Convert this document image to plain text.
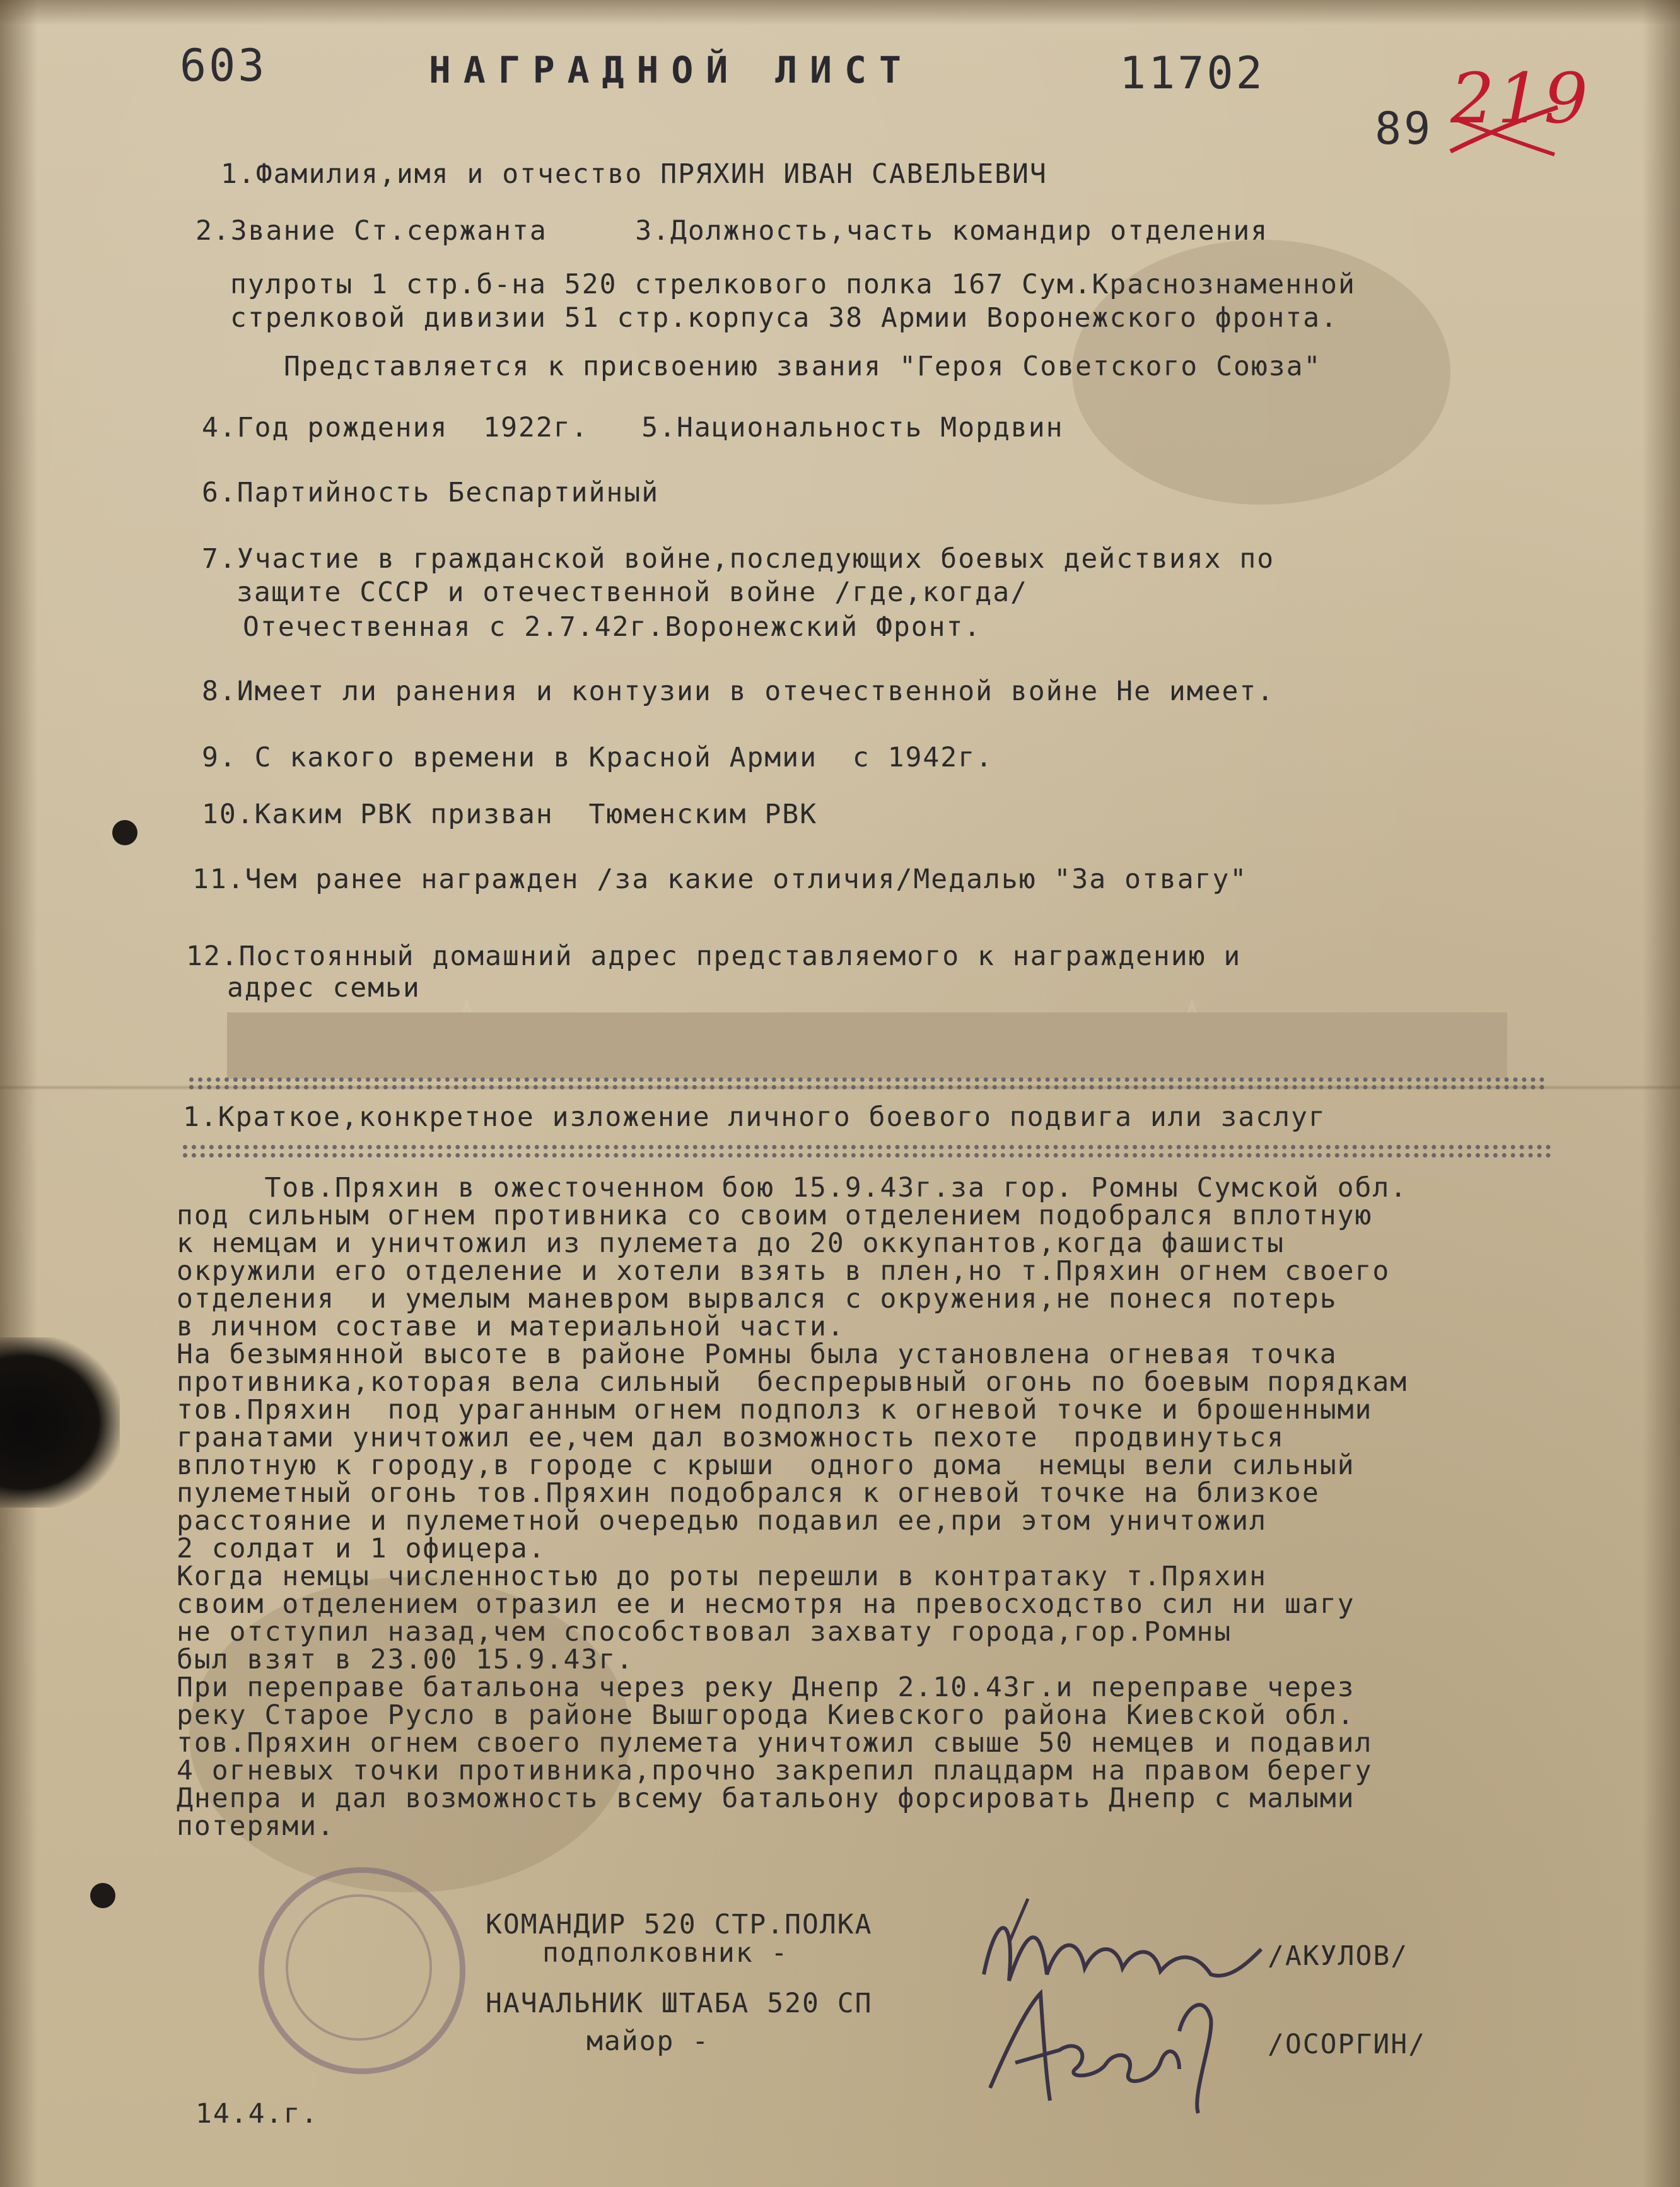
603	НАГРАДНОЙ ЛИСТ	11702
89 219
1.Фамилия,имя и отчество ПРЯХИН ИВАН САВЕЛЬЕВИЧ
2.Звание Ст.сержанта     3.Должность,часть командир отделения
пулроты 1 стр.б-на 520 стрелкового полка 167 Сум.Краснознаменной
стрелковой дивизии 51 стр.корпуса 38 Армии Воронежского фронта.
Представляется к присвоению звания "Героя Советского Союза"
4.Год рождения  1922г.   5.Национальность Мордвин
6.Партийность Беспартийный
7.Участие в гражданской войне,последующих боевых действиях по
защите СССР и отечественной войне /где,когда/
Отечественная с 2.7.42г.Воронежский Фронт.
8.Имеет ли ранения и контузии в отечественной войне Не имеет.
9. С какого времени в Красной Армии  с 1942г.
10.Каким РВК призван  Тюменским РВК
11.Чем ранее награжден /за какие отличия/Медалью "За отвагу"
12.Постоянный домашний адрес представляемого к награждению и
адрес семьи
1.Краткое,конкретное изложение личного боевого подвига или заслуг
Тов.Пряхин в ожесточенном бою 15.9.43г.за гор. Ромны Сумской обл.
под сильным огнем противника со своим отделением подобрался вплотную
к немцам и уничтожил из пулемета до 20 оккупантов,когда фашисты
окружили его отделение и хотели взять в плен,но т.Пряхин огнем своего
отделения  и умелым маневром вырвался с окружения,не понеся потерь
в личном составе и материальной части.
На безымянной высоте в районе Ромны была установлена огневая точка
противника,которая вела сильный  беспрерывный огонь по боевым порядкам
тов.Пряхин  под ураганным огнем подполз к огневой точке и брошенными
гранатами уничтожил ее,чем дал возможность пехоте  продвинуться
вплотную к городу,в городе с крыши  одного дома  немцы вели сильный
пулеметный огонь тов.Пряхин подобрался к огневой точке на близкое
расстояние и пулеметной очередью подавил ее,при этом уничтожил
2 солдат и 1 офицера.
Когда немцы численностью до роты перешли в контратаку т.Пряхин
своим отделением отразил ее и несмотря на превосходство сил ни шагу
не отступил назад,чем способствовал захвату города,гор.Ромны
был взят в 23.00 15.9.43г.
При переправе батальона через реку Днепр 2.10.43г.и переправе через
реку Старое Русло в районе Вышгорода Киевского района Киевской обл.
тов.Пряхин огнем своего пулемета уничтожил свыше 50 немцев и подавил
4 огневых точки противника,прочно закрепил плацдарм на правом берегу
Днепра и дал возможность всему батальону форсировать Днепр с малыми
потерями.
КОМАНДИР 520 СТР.ПОЛКА
подполковник -	/АКУЛОВ/
НАЧАЛЬНИК ШТАБА 520 СП
майор -	/ОСОРГИН/
14.4.г.
